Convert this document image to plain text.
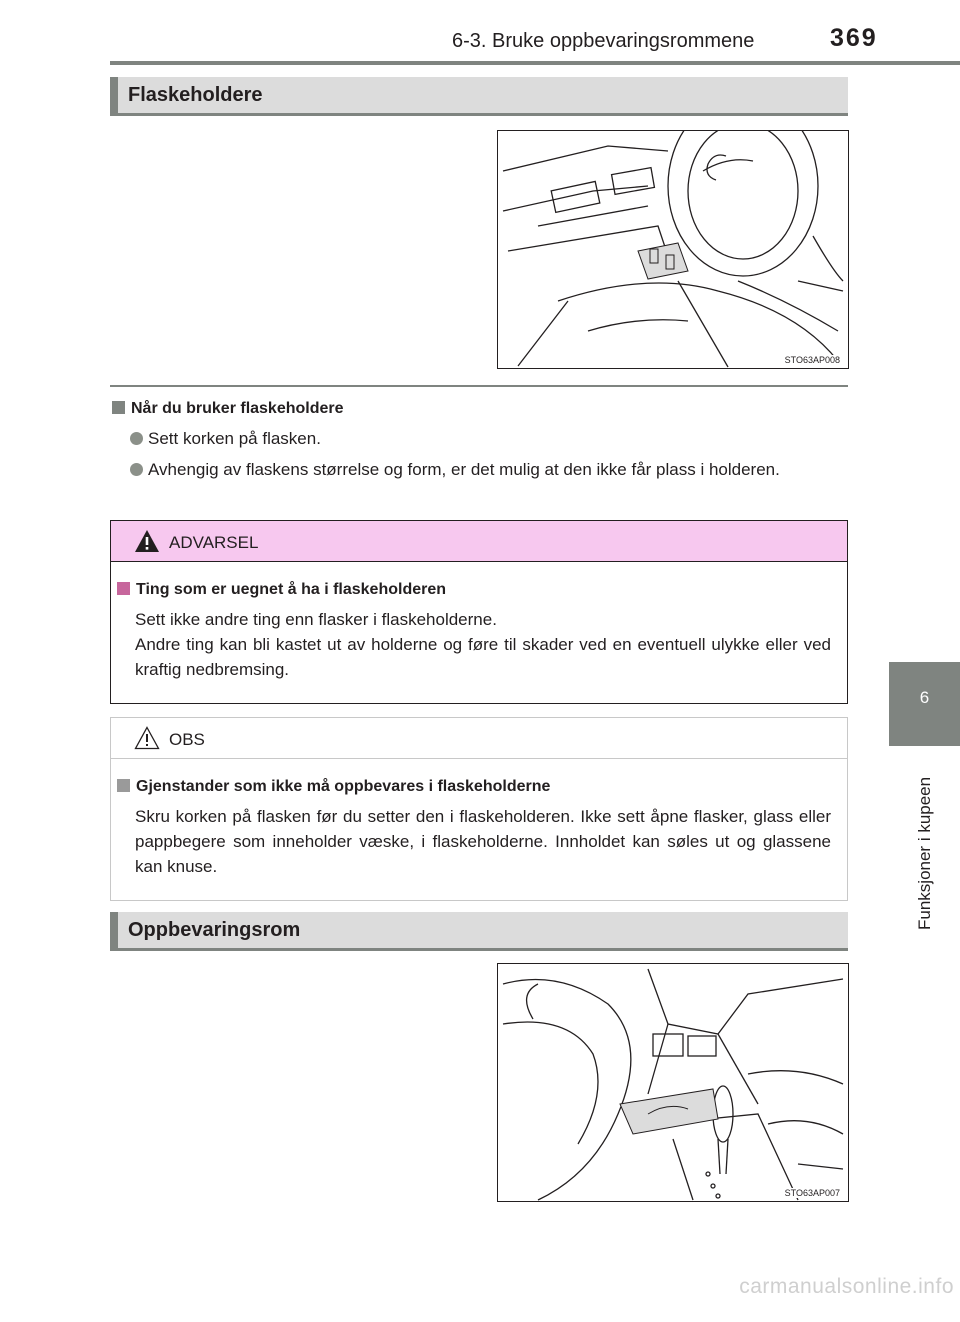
6-3. Bruke oppbevaringsrommene	369
6
Funksjoner i kupeen
Flaskeholdere
STO63AP008
Når du bruker flaskeholdere
Sett korken på flasken.
Avhengig av flaskens størrelse og form, er det mulig at den ikke får plass i holderen.
ADVARSEL
Ting som er uegnet å ha i flaskeholderen
Sett ikke andre ting enn flasker i flaskeholderne.
Andre ting kan bli kastet ut av holderne og føre til skader ved en eventuell ulykke eller ved kraftig nedbremsing.
OBS
Gjenstander som ikke må oppbevares i flaskeholderne
Skru korken på flasken før du setter den i flaskeholderen. Ikke sett åpne flasker, glass eller pappbegere som inneholder væske, i flaskeholderne. Innholdet kan søles ut og glassene kan knuse.
Oppbevaringsrom
STO63AP007
carmanualsonline.info
